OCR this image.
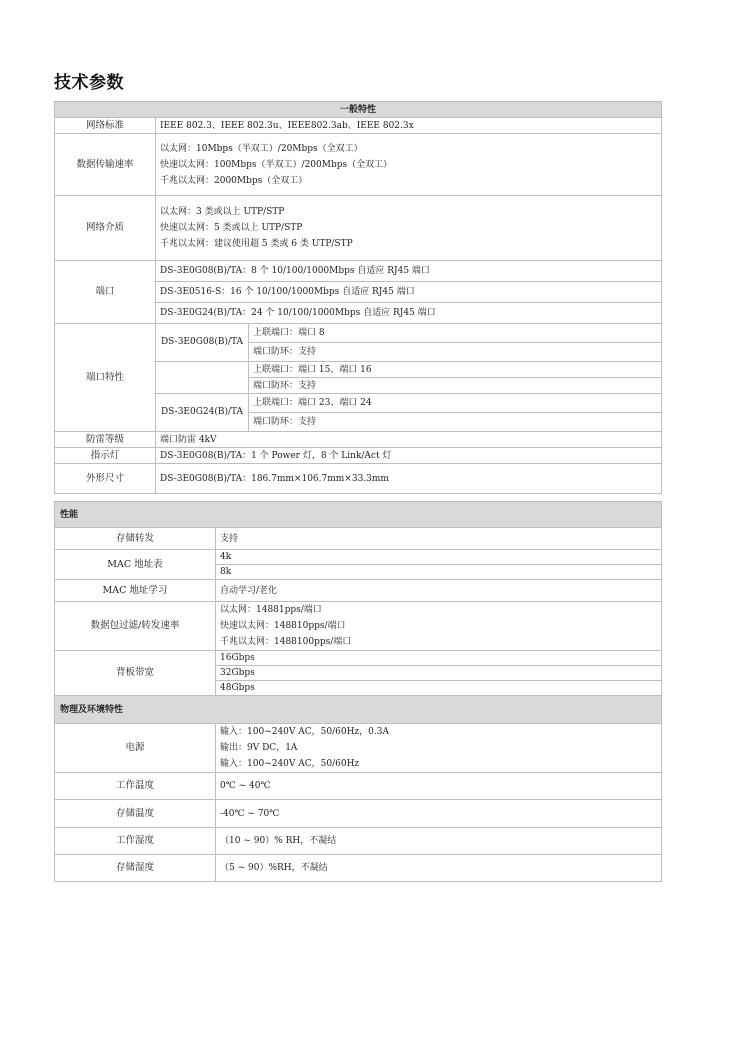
技术参数
一般特性		
网络标准	IEEE 802.3、IEEE 802.3u、IEEE802.3ab、IEEE 802.3x	
数据传输速率	以太网：10Mbps（半双工）/20Mbps（全双工）
快速以太网：100Mbps（半双工）/200Mbps（全双工）
千兆以太网：2000Mbps（全双工）	

网络介质	以太网：3 类或以上 UTP/STP
快速以太网：5 类或以上 UTP/STP
千兆以太网：建议使用超 5 类或 6 类 UTP/STP	

端口	DS-3E0G08(B)/TA：8 个 10/100/1000Mbps 自适应 RJ45 端口	
	DS-3E0516-S：16 个 10/100/1000Mbps 自适应 RJ45 端口	
	DS-3E0G24(B)/TA：24 个 10/100/1000Mbps 自适应 RJ45 端口	
端口特性	DS-3E0G08(B)/TA	上联端口：端口 8
		端口防环：支持
		上联端口：端口 15、端口 16
		端口防环：支持
	DS-3E0G24(B)/TA	上联端口：端口 23、端口 24
		端口防环：支持
防雷等级	端口防雷 4kV	
指示灯	DS-3E0G08(B)/TA：1 个 Power 灯，8 个 Link/Act 灯	
外形尺寸	DS-3E0G08(B)/TA：186.7mm×106.7mm×33.3mm	
性能	
存储转发	支持
MAC 地址表	4k
	8k
MAC 地址学习	自动学习/老化
数据包过滤/转发速率	以太网：14881pps/端口
快速以太网：148810pps/端口
千兆以太网：1488100pps/端口

背板带宽	16Gbps
	32Gbps
	48Gbps
物理及环境特性	
电源	输入：100~240V AC，50/60Hz，0.3A
输出：9V DC，1A
输入：100~240V AC，50/60Hz

工作温度	0℃ ~ 40℃
存储温度	-40℃ ~ 70℃
工作湿度	（10 ~ 90）% RH，不凝结
存储湿度	（5 ~ 90）%RH，不凝结
